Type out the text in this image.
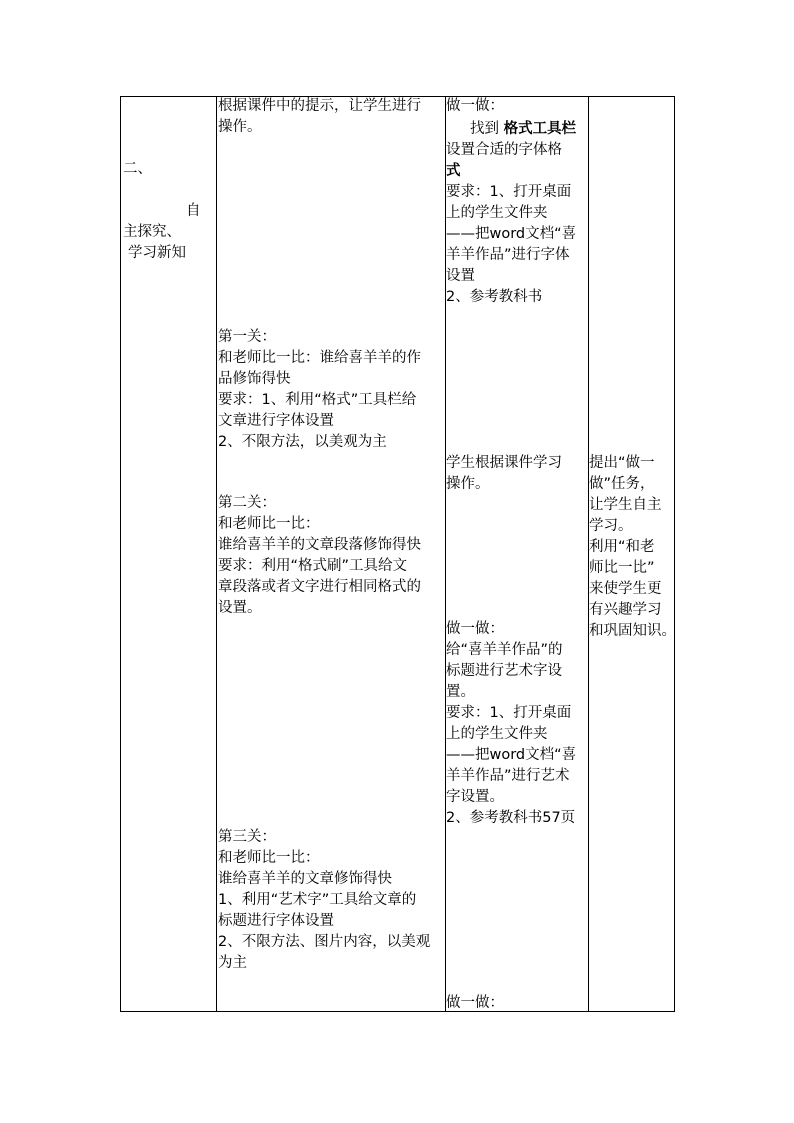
二、
自
主探究、
学习新知
根据课件中的提示，让学生进行
操作。
第一关：
和老师比一比：谁给喜羊羊的作
品修饰得快
要求：1、利用“格式”工具栏给
文章进行字体设置
2、不限方法，以美观为主
第二关：
和老师比一比：
谁给喜羊羊的文章段落修饰得快
要求：利用“格式刷”工具给文
章段落或者文字进行相同格式的
设置。
第三关：
和老师比一比：
谁给喜羊羊的文章修饰得快
1、利用“艺术字”工具给文章的
标题进行字体设置
2、不限方法、图片内容，以美观
为主
做一做：
找到 格式工具栏
设置合适的字体格
式
要求：1、打开桌面
上的学生文件夹
——把word文档“喜
羊羊作品”进行字体
设置
2、参考教科书
学生根据课件学习
操作。
做一做：
给“喜羊羊作品”的
标题进行艺术字设
置。
要求：1、打开桌面
上的学生文件夹
——把word文档“喜
羊羊作品”进行艺术
字设置。
2、参考教科书57页
做一做：
提出“做一
做”任务，
让学生自主
学习。
利用“和老
师比一比”
来使学生更
有兴趣学习
和巩固知识。
